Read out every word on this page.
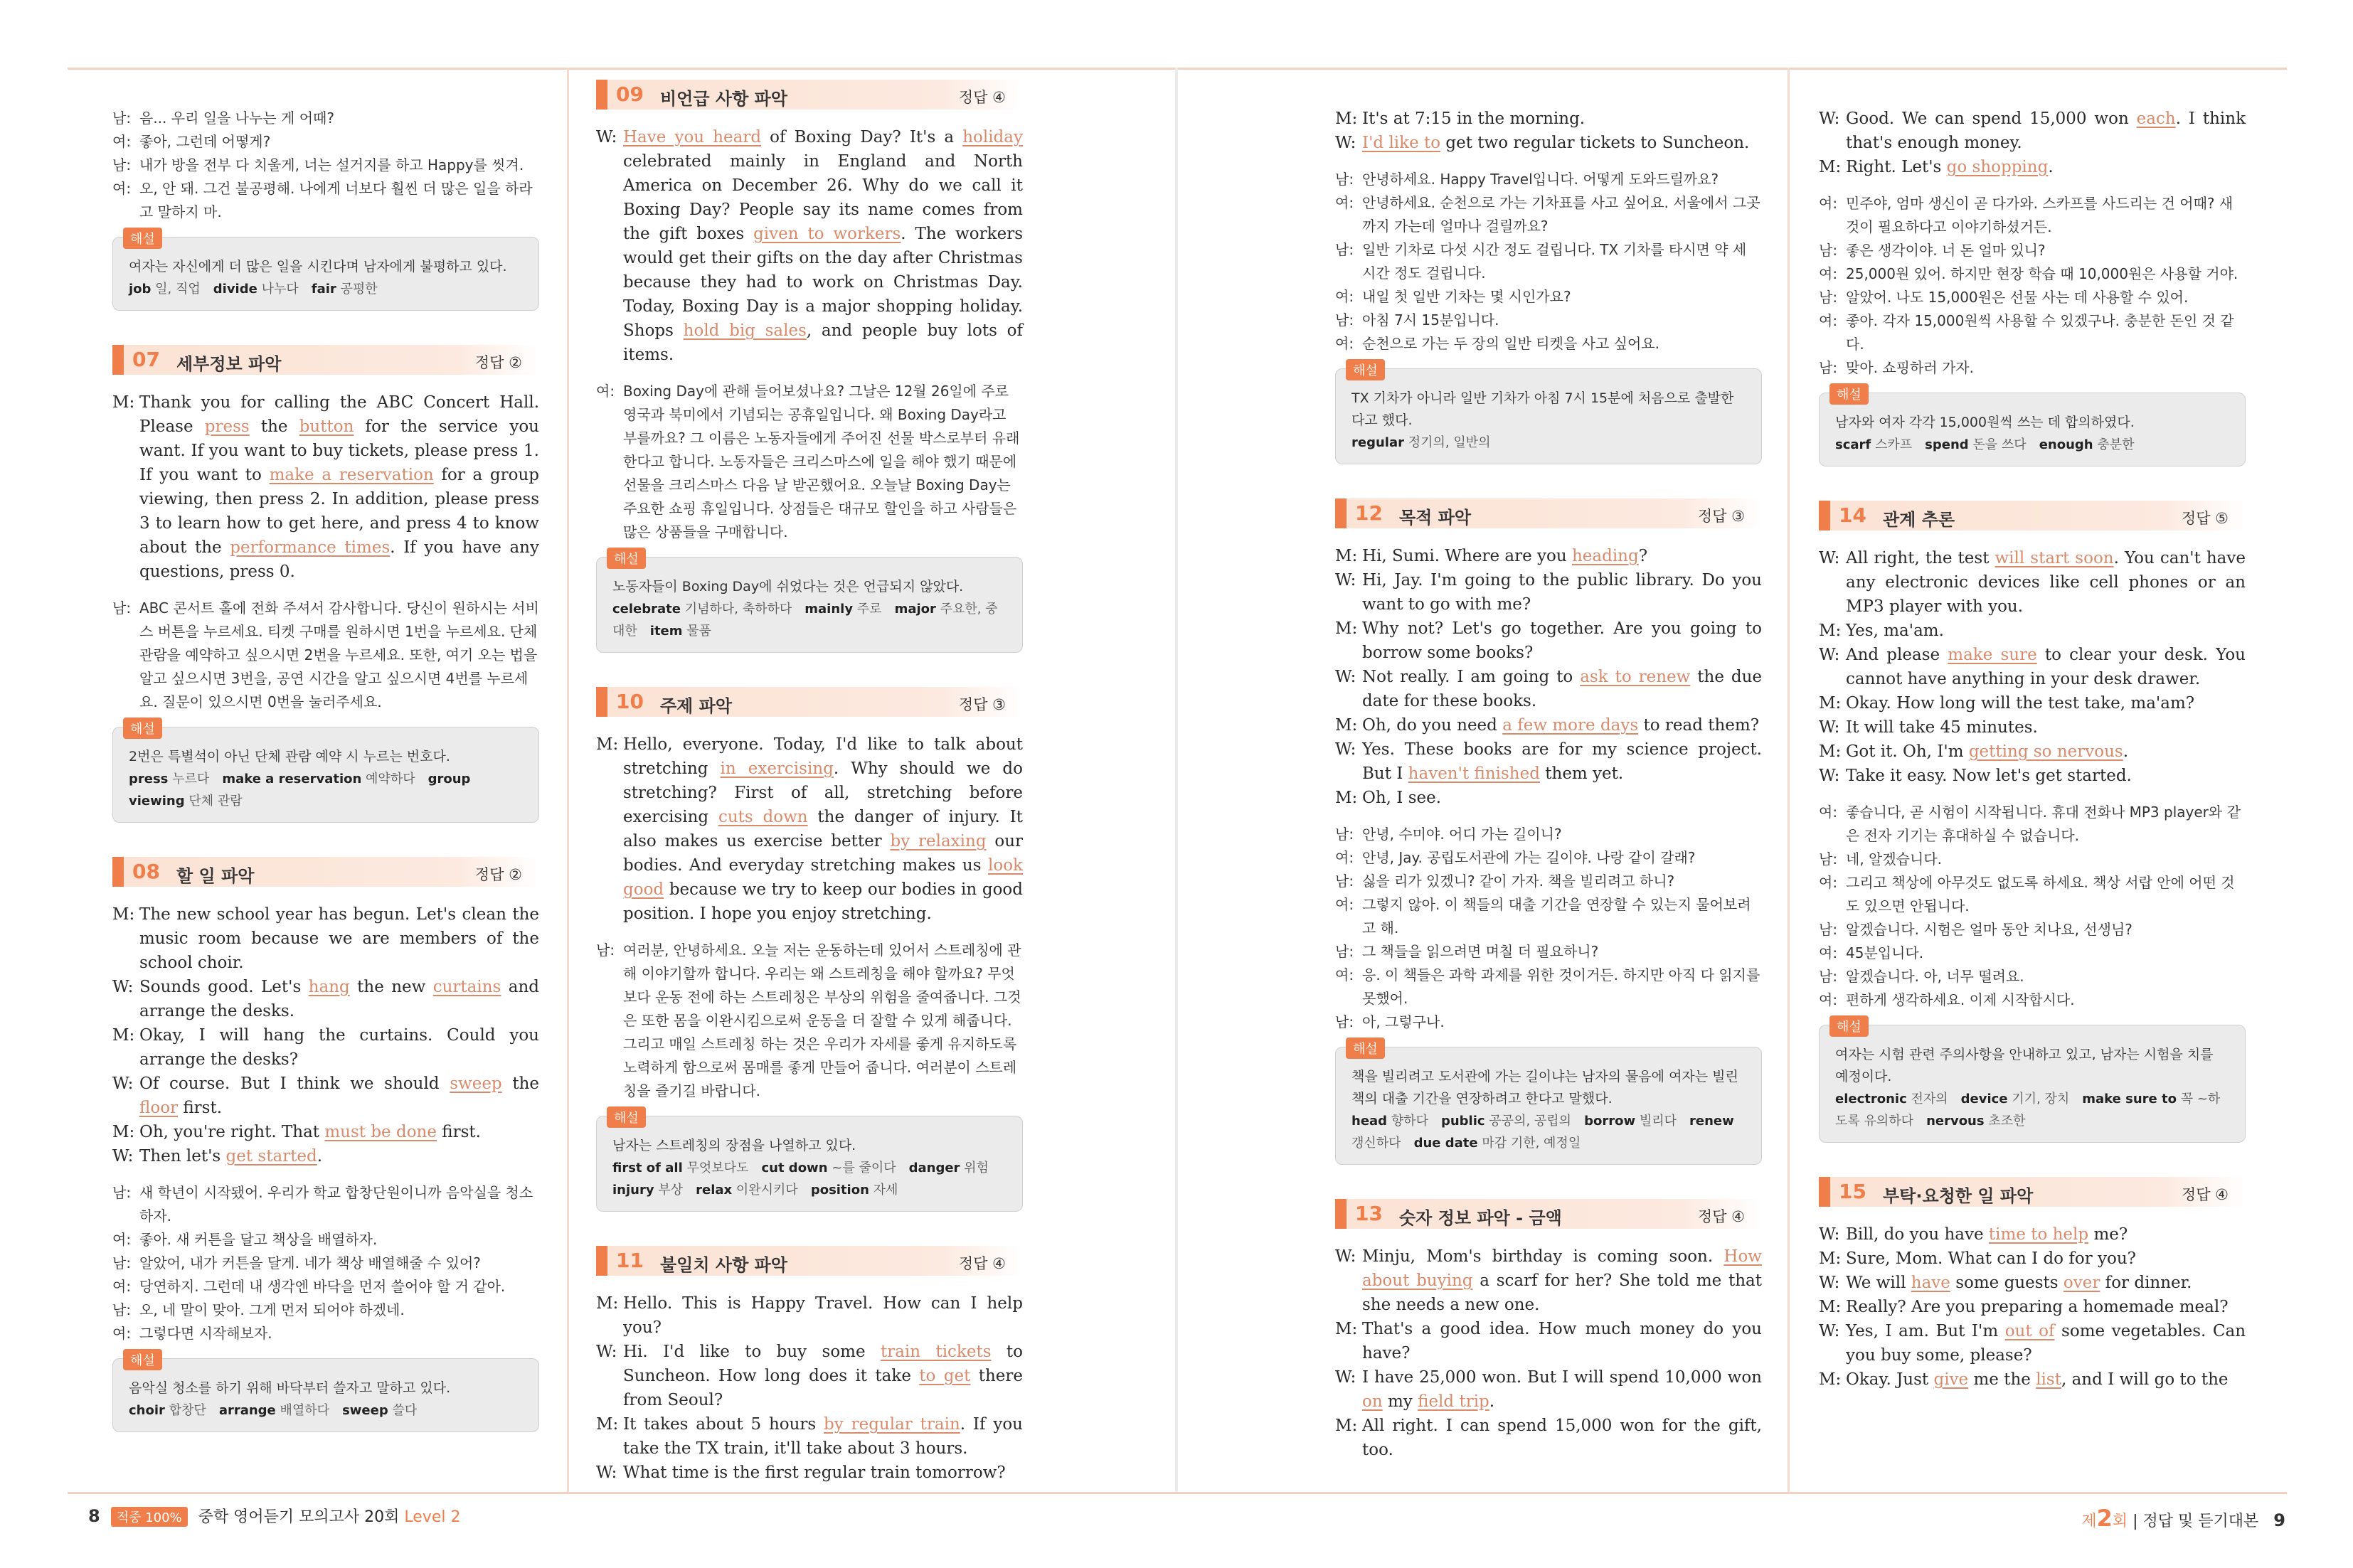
남: 음... 우리 일을 나누는 게 어때?
여: 좋아, 그런데 어떻게?
남: 내가 방을 전부 다 치울게, 너는 설거지를 하고 Happy를 씻겨.
여: 오, 안 돼. 그건 불공평해. 나에게 너보다 훨씬 더 많은 일을 하라고 말하지 마.
해설
여자는 자신에게 더 많은 일을 시킨다며 남자에게 불평하고 있다.
job 일, 직업  divide 나누다  fair 공평한 
07 세부정보 파악	정답 ②
M: Thank you for calling the ABC Concert Hall. Please press the button for the service you want. If you want to buy tickets, please press 1. If you want to make a reservation for a group viewing, then press 2. In addition, please press 3 to learn how to get here, and press 4 to know about the performance times. If you have any questions, press 0.
남: ABC 콘서트 홀에 전화 주셔서 감사합니다. 당신이 원하시는 서비스 버튼을 누르세요. 티켓 구매를 원하시면 1번을 누르세요. 단체 관람을 예약하고 싶으시면 2번을 누르세요. 또한, 여기 오는 법을 알고 싶으시면 3번을, 공연 시간을 알고 싶으시면 4번를 누르세요. 질문이 있으시면 0번을 눌러주세요.
해설
2번은 특별석이 아닌 단체 관람 예약 시 누르는 번호다.
press 누르다  make a reservation 예약하다  group viewing 단체 관람 
08 할 일 파악	정답 ②
M: The new school year has begun. Let's clean the music room because we are members of the school choir.
W: Sounds good. Let's hang the new curtains and arrange the desks.
M: Okay, I will hang the curtains. Could you arrange the desks?
W: Of course. But I think we should sweep the floor first.
M: Oh, you're right. That must be done first.
W: Then let's get started.
남: 새 학년이 시작됐어. 우리가 학교 합창단원이니까 음악실을 청소하자.
여: 좋아. 새 커튼을 달고 책상을 배열하자.
남: 알았어, 내가 커튼을 달게. 네가 책상 배열해줄 수 있어?
여: 당연하지. 그런데 내 생각엔 바닥을 먼저 쓸어야 할 거 같아.
남: 오, 네 말이 맞아. 그게 먼저 되어야 하겠네.
여: 그렇다면 시작해보자.
해설
음악실 청소를 하기 위해 바닥부터 쓸자고 말하고 있다.
choir 합창단  arrange 배열하다  sweep 쓸다 
09 비언급 사항 파악	정답 ④
W: Have you heard of Boxing Day? It's a holiday celebrated mainly in England and North America on December 26. Why do we call it Boxing Day? People say its name comes from the gift boxes given to workers. The workers would get their gifts on the day after Christmas because they had to work on Christmas Day. Today, Boxing Day is a major shopping holiday. Shops hold big sales, and people buy lots of items.
여: Boxing Day에 관해 들어보셨나요? 그날은 12월 26일에 주로 영국과 북미에서 기념되는 공휴일입니다. 왜 Boxing Day라고 부를까요? 그 이름은 노동자들에게 주어진 선물 박스로부터 유래한다고 합니다. 노동자들은 크리스마스에 일을 해야 했기 때문에 선물을 크리스마스 다음 날 받곤했어요. 오늘날 Boxing Day는 주요한 쇼핑 휴일입니다. 상점들은 대규모 할인을 하고 사람들은 많은 상품들을 구매합니다.
해설
노동자들이 Boxing Day에 쉬었다는 것은 언급되지 않았다.
celebrate 기념하다, 축하하다  mainly 주로  major 주요한, 중대한  item 물품 
10 주제 파악	정답 ③
M: Hello, everyone. Today, I'd like to talk about stretching in exercising. Why should we do stretching? First of all, stretching before exercising cuts down the danger of injury. It also makes us exercise better by relaxing our bodies. And everyday stretching makes us look good because we try to keep our bodies in good position. I hope you enjoy stretching.
남: 여러분, 안녕하세요. 오늘 저는 운동하는데 있어서 스트레칭에 관해 이야기할까 합니다. 우리는 왜 스트레칭을 해야 할까요? 무엇보다 운동 전에 하는 스트레칭은 부상의 위험을 줄여줍니다. 그것은 또한 몸을 이완시킴으로써 운동을 더 잘할 수 있게 해줍니다. 그리고 매일 스트레칭 하는 것은 우리가 자세를 좋게 유지하도록 노력하게 함으로써 몸매를 좋게 만들어 줍니다. 여러분이 스트레칭을 즐기길 바랍니다.
해설
남자는 스트레칭의 장점을 나열하고 있다.
first of all 무엇보다도  cut down ~를 줄이다  danger 위험 injury 부상  relax 이완시키다  position 자세 
11 불일치 사항 파악	정답 ④
M: Hello. This is Happy Travel. How can I help you?
W: Hi. I'd like to buy some train tickets to Suncheon. How long does it take to get there from Seoul?
M: It takes about 5 hours by regular train. If you take the TX train, it'll take about 3 hours.
W: What time is the first regular train tomorrow?
M: It's at 7:15 in the morning.
W: I'd like to get two regular tickets to Suncheon.
남: 안녕하세요. Happy Travel입니다. 어떻게 도와드릴까요?
여: 안녕하세요. 순천으로 가는 기차표를 사고 싶어요. 서울에서 그곳까지 가는데 얼마나 걸릴까요?
남: 일반 기차로 다섯 시간 정도 걸립니다. TX 기차를 타시면 약 세 시간 정도 걸립니다.
여: 내일 첫 일반 기차는 몇 시인가요?
남: 아침 7시 15분입니다.
여: 순천으로 가는 두 장의 일반 티켓을 사고 싶어요.
해설
TX 기차가 아니라 일반 기차가 아침 7시 15분에 처음으로 출발한다고 했다.
regular 정기의, 일반의 
12 목적 파악	정답 ③
M: Hi, Sumi. Where are you heading?
W: Hi, Jay. I'm going to the public library. Do you want to go with me?
M: Why not? Let's go together. Are you going to borrow some books?
W: Not really. I am going to ask to renew the due date for these books.
M: Oh, do you need a few more days to read them?
W: Yes. These books are for my science project. But I haven't finished them yet.
M: Oh, I see.
남: 안녕, 수미야. 어디 가는 길이니?
여: 안녕, Jay. 공립도서관에 가는 길이야. 나랑 같이 갈래?
남: 싫을 리가 있겠니? 같이 가자. 책을 빌리려고 하니?
여: 그렇지 않아. 이 책들의 대출 기간을 연장할 수 있는지 물어보려고 해.
남: 그 책들을 읽으려면 며칠 더 필요하니?
여: 응. 이 책들은 과학 과제를 위한 것이거든. 하지만 아직 다 읽지를 못했어.
남: 아, 그렇구나.
해설
책을 빌리려고 도서관에 가는 길이냐는 남자의 물음에 여자는 빌린 책의 대출 기간을 연장하려고 한다고 말했다.
head 향하다  public 공공의, 공립의  borrow 빌리다  renew 갱신하다  due date 마감 기한, 예정일 
13 숫자 정보 파악 - 금액	정답 ④
W: Minju, Mom's birthday is coming soon. How about buying a scarf for her? She told me that she needs a new one.
M: That's a good idea. How much money do you have?
W: I have 25,000 won. But I will spend 10,000 won on my field trip.
M: All right. I can spend 15,000 won for the gift, too.
W: Good. We can spend 15,000 won each. I think that's enough money.
M: Right. Let's go shopping.
여: 민주야, 엄마 생신이 곧 다가와. 스카프를 사드리는 건 어때? 새 것이 필요하다고 이야기하셨거든.
남: 좋은 생각이야. 너 돈 얼마 있니?
여: 25,000원 있어. 하지만 현장 학습 때 10,000원은 사용할 거야.
남: 알았어. 나도 15,000원은 선물 사는 데 사용할 수 있어.
여: 좋아. 각자 15,000원씩 사용할 수 있겠구나. 충분한 돈인 것 같다.
남: 맞아. 쇼핑하러 가자.
해설
남자와 여자 각각 15,000원씩 쓰는 데 합의하였다.
scarf 스카프  spend 돈을 쓰다  enough 충분한 
14 관계 추론	정답 ⑤
W: All right, the test will start soon. You can't have any electronic devices like cell phones or an MP3 player with you.
M: Yes, ma'am.
W: And please make sure to clear your desk. You cannot have anything in your desk drawer.
M: Okay. How long will the test take, ma'am?
W: It will take 45 minutes.
M: Got it. Oh, I'm getting so nervous.
W: Take it easy. Now let's get started.
여: 좋습니다, 곧 시험이 시작됩니다. 휴대 전화나 MP3 player와 같은 전자 기기는 휴대하실 수 없습니다.
남: 네, 알겠습니다.
여: 그리고 책상에 아무것도 없도록 하세요. 책상 서랍 안에 어떤 것도 있으면 안됩니다.
남: 알겠습니다. 시험은 얼마 동안 치나요, 선생님?
여: 45분입니다.
남: 알겠습니다. 아, 너무 떨려요.
여: 편하게 생각하세요. 이제 시작합시다.
해설
여자는 시험 관련 주의사항을 안내하고 있고, 남자는 시험을 치를 예정이다.
electronic 전자의  device 기기, 장치  make sure to 꼭 ~하도록 유의하다  nervous 초조한 
15 부탁·요청한 일 파악	정답 ④
W: Bill, do you have time to help me?
M: Sure, Mom. What can I do for you?
W: We will have some guests over for dinner.
M: Really? Are you preparing a homemade meal?
W: Yes, I am. But I'm out of some vegetables. Can you buy some, please?
M: Okay. Just give me the list, and I will go to the
8 적중 100% 중학 영어듣기 모의고사 20회 Level 2	제2회 | 정답 및 듣기대본 9
